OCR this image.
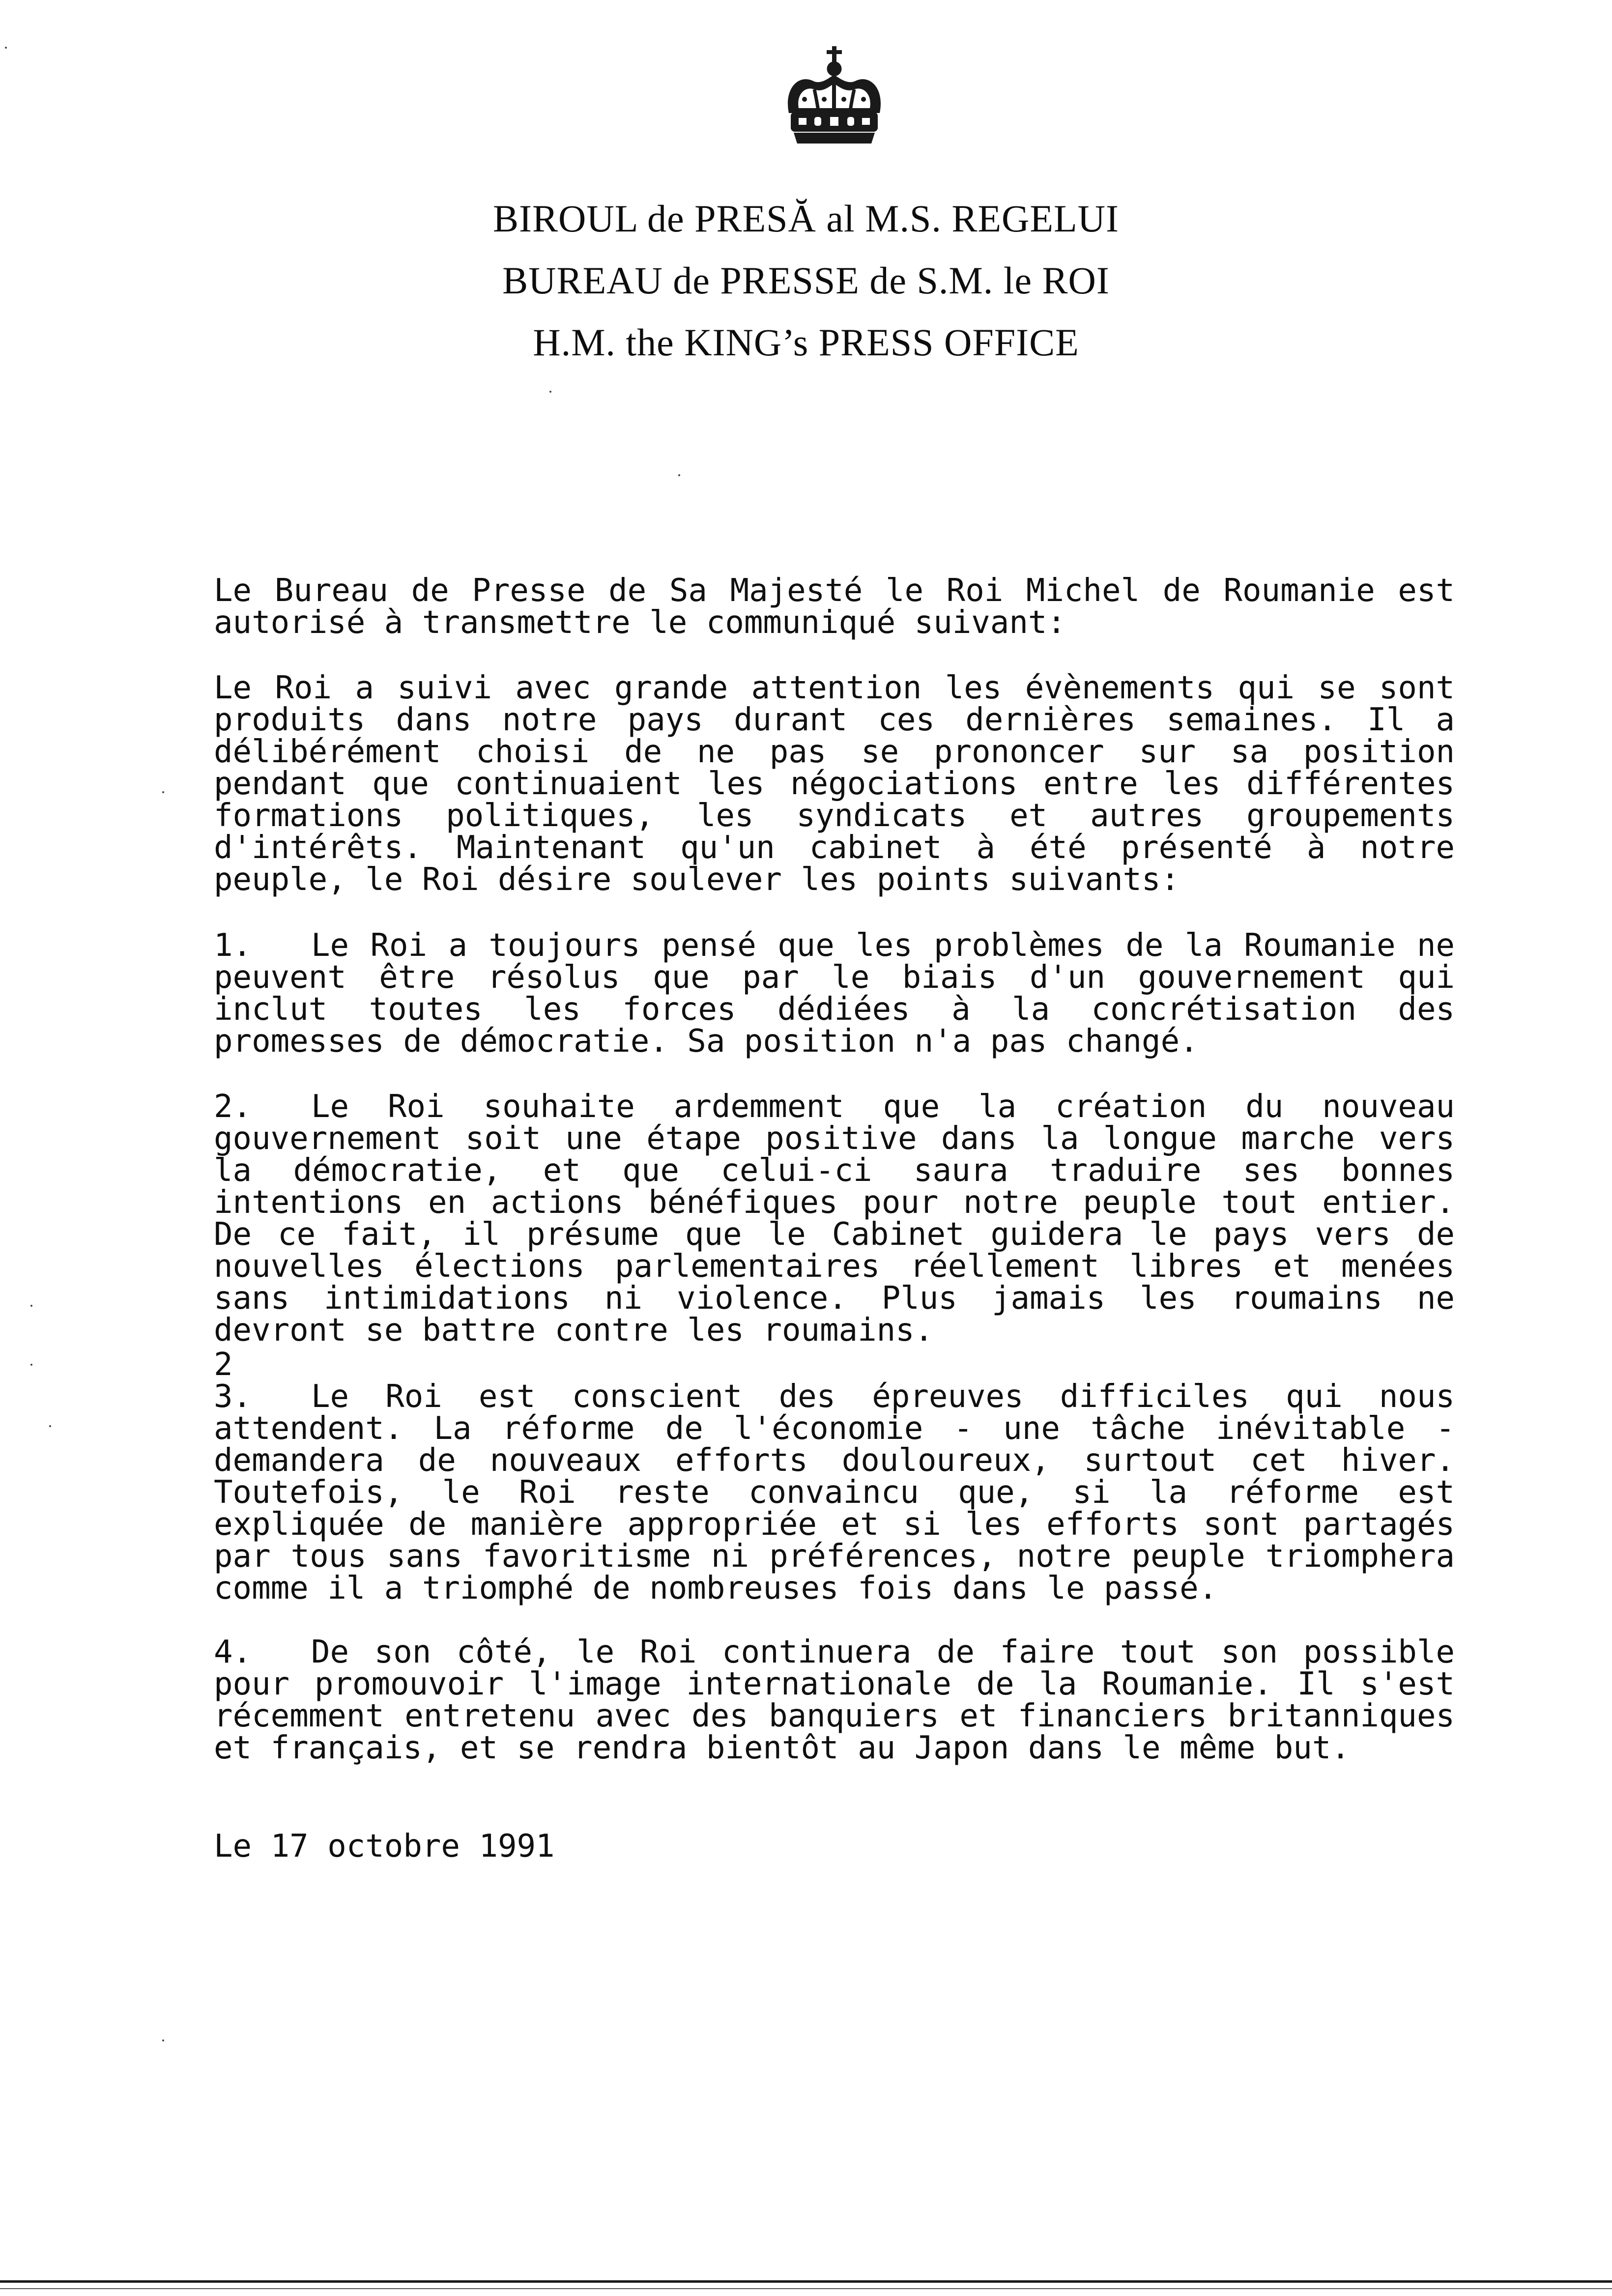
BIROUL de PRESĂ al M.S. REGELUI
BUREAU de PRESSE de S.M. le ROI
H.M. the KING’s PRESS OFFICE

Le Bureau de Presse de Sa Majesté le Roi Michel de Roumanie est autorisé à transmettre le communiqué suivant:

Le Roi a suivi avec grande attention les évènements qui se sont produits dans notre pays durant ces dernières semaines. Il a délibérément choisi de ne pas se prononcer sur sa position pendant que continuaient les négociations entre les différentes formations politiques, les syndicats et autres groupements d'intérêts. Maintenant qu'un cabinet à été présenté à notre peuple, le Roi désire soulever les points suivants:

1. Le Roi a toujours pensé que les problèmes de la Roumanie ne peuvent être résolus que par le biais d'un gouvernement qui inclut toutes les forces dédiées à la concrétisation des promesses de démocratie. Sa position n'a pas changé.

2. Le Roi souhaite ardemment que la création du nouveau gouvernement soit une étape positive dans la longue marche vers la démocratie, et que celui-ci saura traduire ses bonnes intentions en actions bénéfiques pour notre peuple tout entier. De ce fait, il présume que le Cabinet guidera le pays vers de nouvelles élections parlementaires réellement libres et menées sans intimidations ni violence. Plus jamais les roumains ne devront se battre contre les roumains.

2

3. Le Roi est conscient des épreuves difficiles qui nous attendent. La réforme de l'économie - une tâche inévitable - demandera de nouveaux efforts douloureux, surtout cet hiver. Toutefois, le Roi reste convaincu que, si la réforme est expliquée de manière appropriée et si les efforts sont partagés par tous sans favoritisme ni préférences, notre peuple triomphera comme il a triomphé de nombreuses fois dans le passé.

4. De son côté, le Roi continuera de faire tout son possible pour promouvoir l'image internationale de la Roumanie. Il s'est récemment entretenu avec des banquiers et financiers britanniques et français, et se rendra bientôt au Japon dans le même but.

Le 17 octobre 1991
